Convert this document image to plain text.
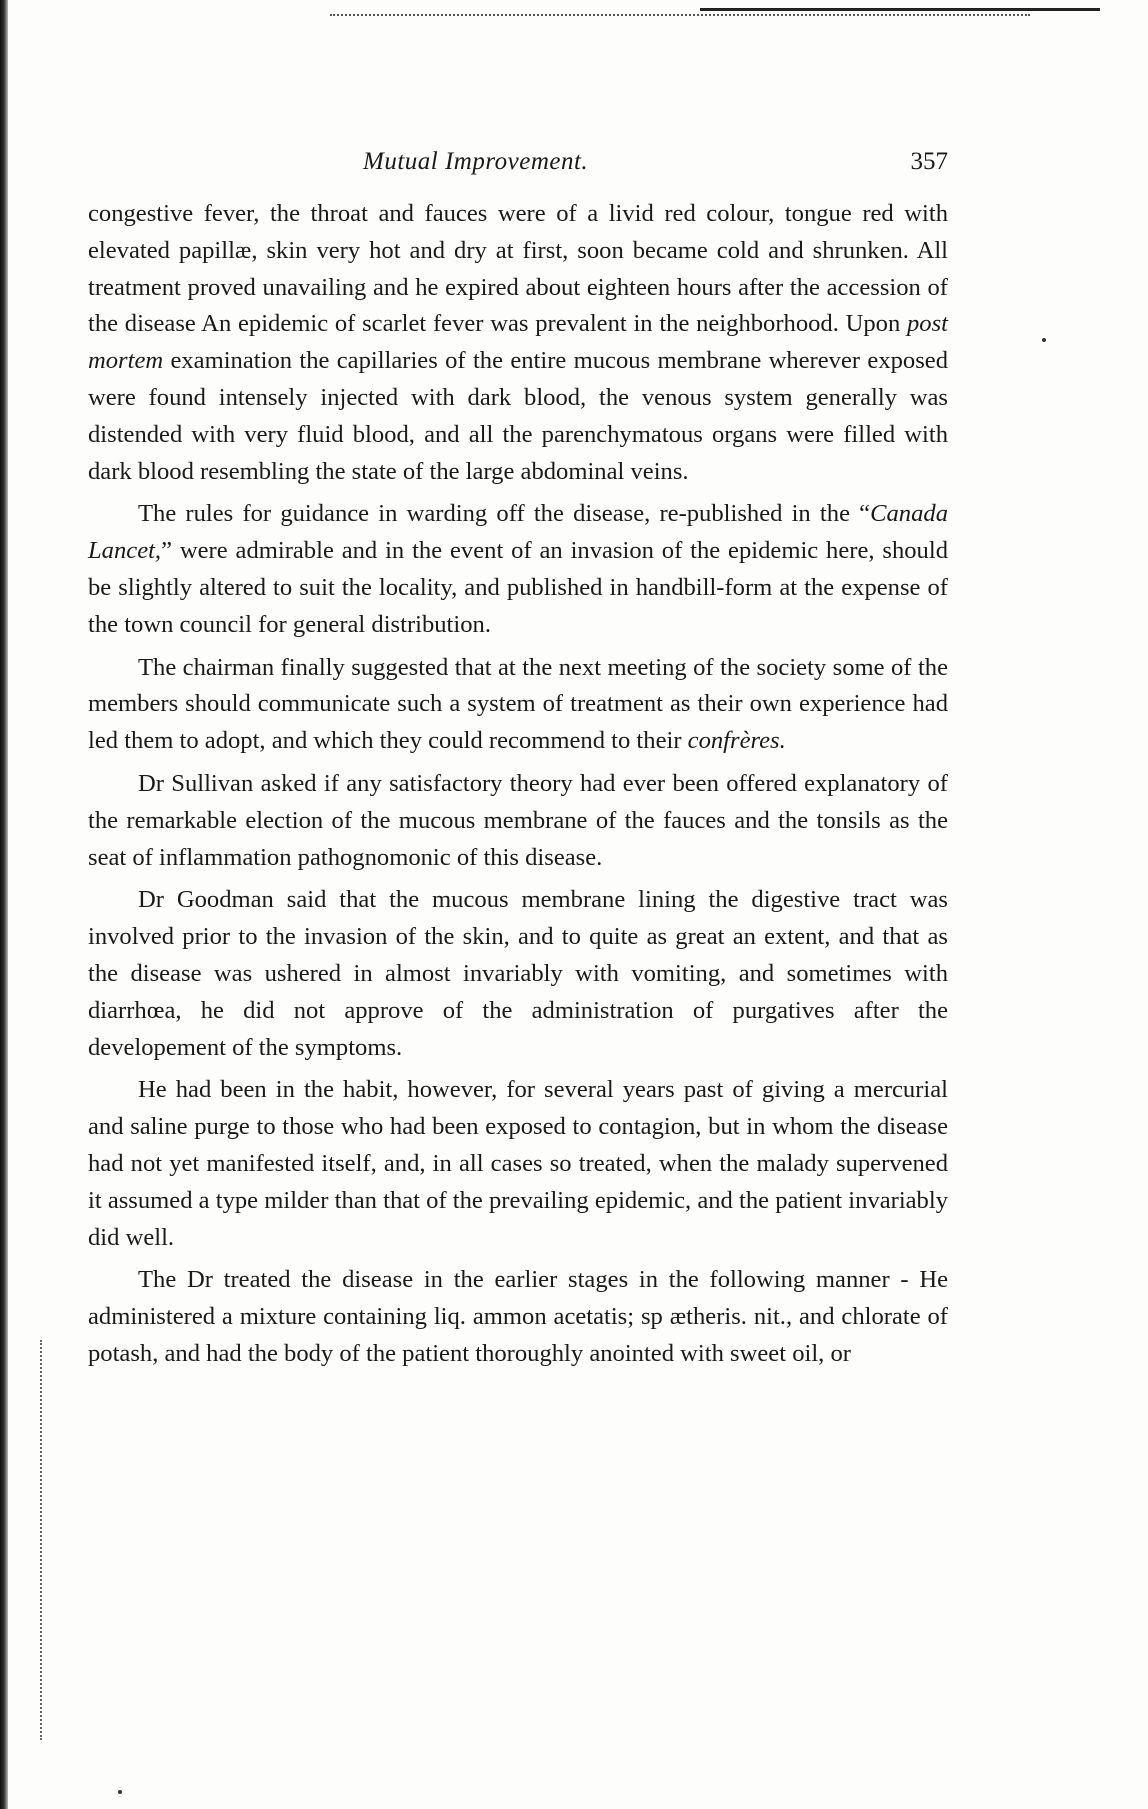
Mutual Improvement.	357

congestive fever, the throat and fauces were of a livid red colour, tongue red with elevated papillæ, skin very hot and dry at first, soon became cold and shrunken. All treatment proved unavailing and he expired about eighteen hours after the accession of the disease An epidemic of scarlet fever was prevalent in the neighborhood. Upon post mortem examination the capillaries of the entire mucous membrane wherever exposed were found intensely injected with dark blood, the venous system generally was distended with very fluid blood, and all the parenchymatous organs were filled with dark blood resembling the state of the large abdominal veins.

The rules for guidance in warding off the disease, re-published in the “Canada Lancet,” were admirable and in the event of an invasion of the epidemic here, should be slightly altered to suit the locality, and published in handbill-form at the expense of the town council for general distribution.

The chairman finally suggested that at the next meeting of the society some of the members should communicate such a system of treatment as their own experience had led them to adopt, and which they could recommend to their confrères.

Dr Sullivan asked if any satisfactory theory had ever been offered explanatory of the remarkable election of the mucous membrane of the fauces and the tonsils as the seat of inflammation pathognomonic of this disease.

Dr Goodman said that the mucous membrane lining the digestive tract was involved prior to the invasion of the skin, and to quite as great an extent, and that as the disease was ushered in almost invariably with vomiting, and sometimes with diarrhœa, he did not approve of the administration of purgatives after the developement of the symptoms.

He had been in the habit, however, for several years past of giving a mercurial and saline purge to those who had been exposed to contagion, but in whom the disease had not yet manifested itself, and, in all cases so treated, when the malady supervened it assumed a type milder than that of the prevailing epidemic, and the patient invariably did well.

The Dr treated the disease in the earlier stages in the following manner - He administered a mixture containing liq. ammon acetatis; sp ætheris. nit., and chlorate of potash, and had the body of the patient thoroughly anointed with sweet oil, or
